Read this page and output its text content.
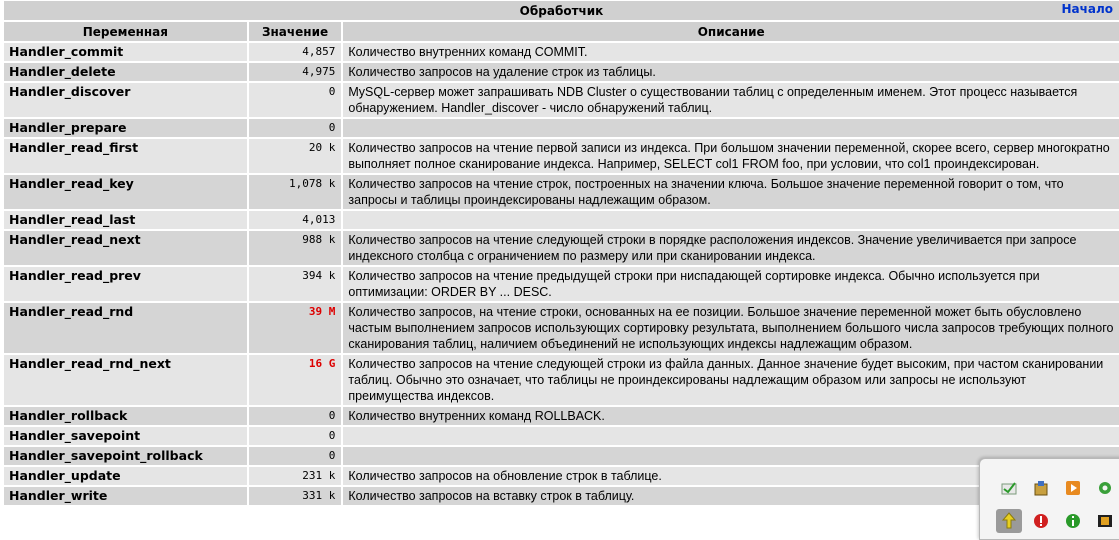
Обработчик Начало		

Переменная	Значение	Описание
Handler_commit	4,857	Количество внутренних команд COMMIT.
Handler_delete	4,975	Количество запросов на удаление строк из таблицы.
Handler_discover	0	MySQL-сервер может запрашивать NDB Cluster о существовании таблиц с определенным именем. Этот процесс называется обнаружением. Handler_discover - число обнаружений таблиц.
Handler_prepare	0	
Handler_read_first	20 k	Количество запросов на чтение первой записи из индекса. При большом значении переменной, скорее всего, сервер многократно выполняет полное сканирование индекса. Например, SELECT col1 FROM foo, при условии, что col1 проиндексирован.
Handler_read_key	1,078 k	Количество запросов на чтение строк, построенных на значении ключа. Большое значение переменной говорит о том, что запросы и таблицы проиндексированы надлежащим образом.
Handler_read_last	4,013	
Handler_read_next	988 k	Количество запросов на чтение следующей строки в порядке расположения индексов. Значение увеличивается при запросе индексного столбца с ограничением по размеру или при сканировании индекса.
Handler_read_prev	394 k	Количество запросов на чтение предыдущей строки при ниспадающей сортировке индекса. Обычно используется при оптимизации: ORDER BY ... DESC.
Handler_read_rnd	39 M	Количество запросов, на чтение строки, основанных на ее позиции. Большое значение переменной может быть обусловлено частым выполнением запросов использующих сортировку результата, выполнением большого числа запросов требующих полного сканирования таблиц, наличием объединений не использующих индексы надлежащим образом.
Handler_read_rnd_next	16 G	Количество запросов на чтение следующей строки из файла данных. Данное значение будет высоким, при частом сканировании таблиц. Обычно это означает, что таблицы не проиндексированы надлежащим образом или запросы не используют преимущества индексов.
Handler_rollback	0	Количество внутренних команд ROLLBACK.
Handler_savepoint	0	
Handler_savepoint_rollback	0	
Handler_update	231 k	Количество запросов на обновление строк в таблице.
Handler_write	331 k	Количество запросов на вставку строк в таблицу.
